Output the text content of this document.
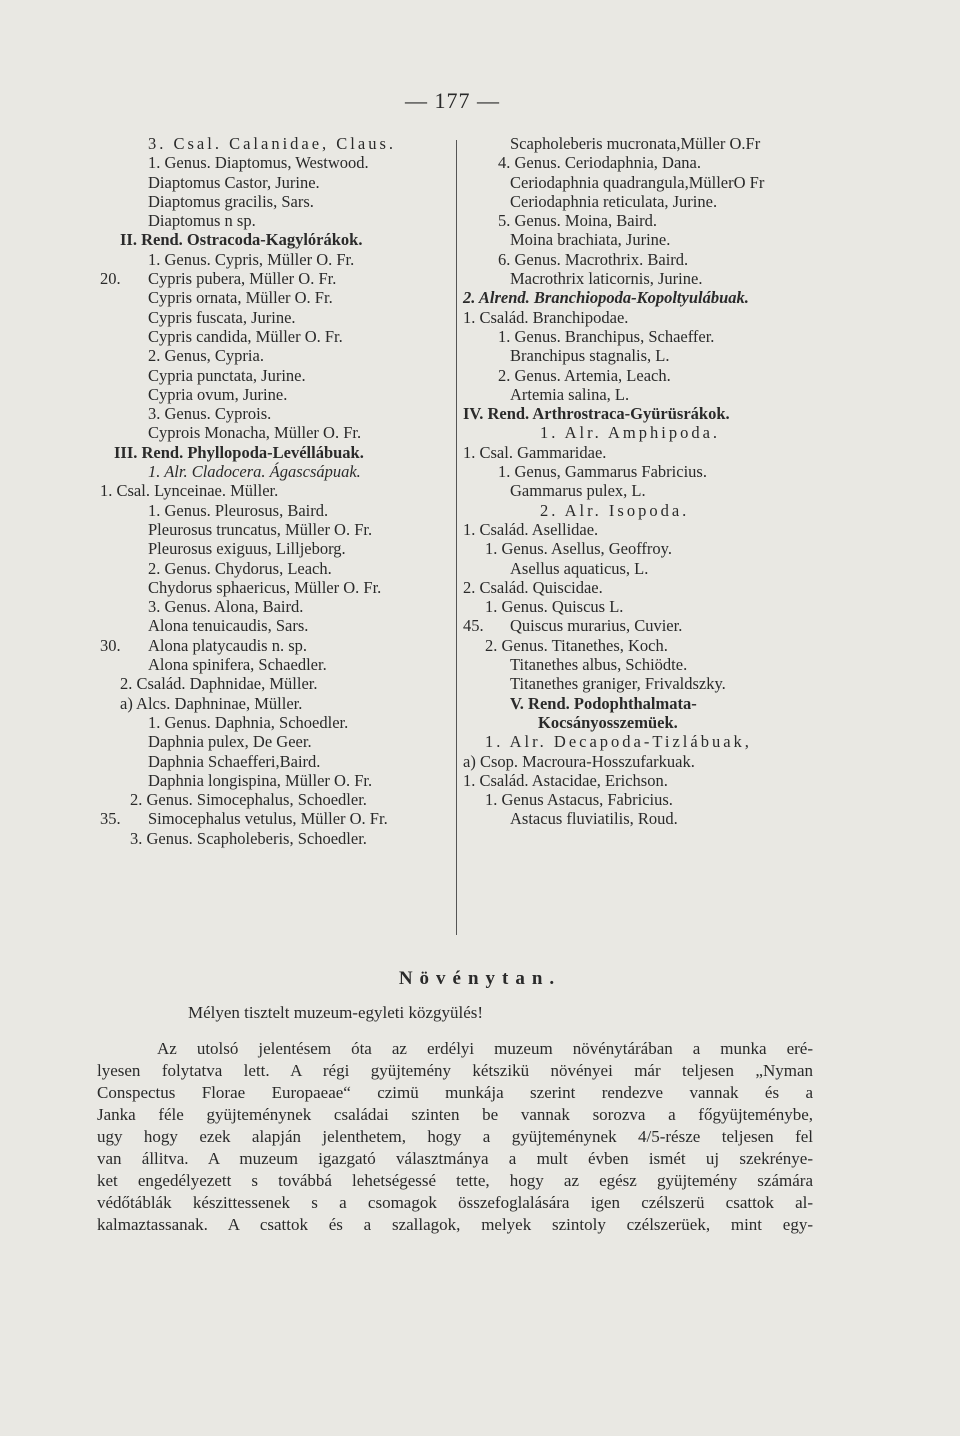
— 177 —
3. Csal. Calanidae, Claus.
1. Genus. Diaptomus, Westwood.
Diaptomus Castor, Jurine.
Diaptomus gracilis, Sars.
Diaptomus n sp.
II. Rend. Ostracoda-Kagylórákok.
1. Genus. Cypris, Müller O. Fr.
20. Cypris pubera, Müller O. Fr.
Cypris ornata, Müller O. Fr.
Cypris fuscata, Jurine.
Cypris candida, Müller O. Fr.
2. Genus, Cypria.
Cypria punctata, Jurine.
Cypria ovum, Jurine.
3. Genus. Cyprois.
Cyprois Monacha, Müller O. Fr.
III. Rend. Phyllopoda-Levéllábuak.
1. Alr. Cladocera. Ágascsápuak.
1. Csal. Lynceinae. Müller.
1. Genus. Pleurosus, Baird.
Pleurosus truncatus, Müller O. Fr.
Pleurosus exiguus, Lilljeborg.
2. Genus. Chydorus, Leach.
Chydorus sphaericus, Müller O. Fr.
3. Genus. Alona, Baird.
Alona tenuicaudis, Sars.
30. Alona platycaudis n. sp.
Alona spinifera, Schaedler.
2. Család. Daphnidae, Müller.
a) Alcs. Daphninae, Müller.
1. Genus. Daphnia, Schoedler.
Daphnia pulex, De Geer.
Daphnia Schaefferi,Baird.
Daphnia longispina, Müller O. Fr.
2. Genus. Simocephalus, Schoedler.
35. Simocephalus vetulus, Müller O. Fr.
3. Genus. Scapholeberis, Schoedler.
Scapholeberis mucronata,Müller O.Fr
4. Genus. Ceriodaphnia, Dana.
Ceriodaphnia quadrangula,MüllerO Fr
Ceriodaphnia reticulata, Jurine.
5. Genus. Moina, Baird.
Moina brachiata, Jurine.
6. Genus. Macrothrix. Baird.
Macrothrix laticornis, Jurine.
2. Alrend. Branchiopoda-Kopoltyulábuak.
1. Család. Branchipodae.
1. Genus. Branchipus, Schaeffer.
Branchipus stagnalis, L.
2. Genus. Artemia, Leach.
Artemia salina, L.
IV. Rend. Arthrostraca-Gyürüsrákok.
1. Alr. Amphipoda.
1. Csal. Gammaridae.
1. Genus, Gammarus Fabricius.
Gammarus pulex, L.
2. Alr. Isopoda.
1. Család. Asellidae.
1. Genus. Asellus, Geoffroy.
Asellus aquaticus, L.
2. Család. Quiscidae.
1. Genus. Quiscus L.
45. Quiscus murarius, Cuvier.
2. Genus. Titanethes, Koch.
Titanethes albus, Schiödte.
Titanethes graniger, Frivaldszky.
V. Rend. Podophthalmata-
Kocsányosszemüek.
1. Alr. Decapoda-Tizlábuak,
a) Csop. Macroura-Hosszufarkuak.
1. Család. Astacidae, Erichson.
1. Genus Astacus, Fabricius.
Astacus fluviatilis, Roud.
Növénytan.
Mélyen tisztelt muzeum-egyleti közgyülés!

Az utolsó jelentésem óta az erdélyi muzeum növénytárában a munka eré-

lyesen folytatva lett. A régi gyüjtemény kétszikü növényei már teljesen „Nyman

Conspectus Florae Europaeae“ czimü munkája szerint rendezve vannak és a

Janka féle gyüjteménynek családai szinten be vannak sorozva a főgyüjteménybe,

ugy hogy ezek alapján jelenthetem, hogy a gyüjteménynek 4/5-része teljesen fel

van állitva. A muzeum igazgató választmánya a mult évben ismét uj szekrénye-

ket engedélyezett s továbbá lehetségessé tette, hogy az egész gyüjtemény számára

védőtáblák készittessenek s a csomagok összefoglalására igen czélszerü csattok al-

kalmaztassanak. A csattok és a szallagok, melyek szintoly czélszerüek, mint egy-
